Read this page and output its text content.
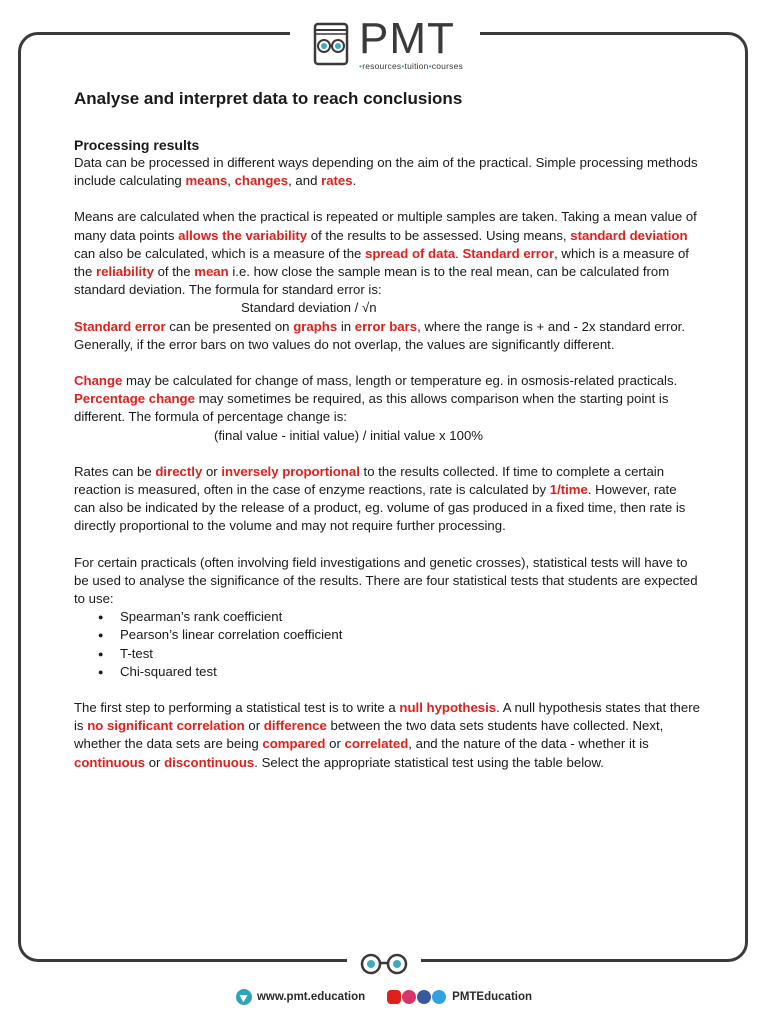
PMT
•resources•tuition•courses
Analyse and interpret data to reach conclusions
Processing results

Data can be processed in different ways depending on the aim of the practical. Simple processing methods include calculating means, changes, and rates.

Means are calculated when the practical is repeated or multiple samples are taken. Taking a mean value of many data points allows the variability of the results to be assessed. Using means, standard deviation can also be calculated, which is a measure of the spread of data. Standard error, which is a measure of the reliability of the mean i.e. how close the sample mean is to the real mean, can be calculated from standard deviation. The formula for standard error is:

Standard deviation / √n

Standard error can be presented on graphs in error bars, where the range is + and - 2x standard error. Generally, if the error bars on two values do not overlap, the values are significantly different.

Change may be calculated for change of mass, length or temperature eg. in osmosis-related practicals. Percentage change may sometimes be required, as this allows comparison when the starting point is different. The formula of percentage change is:

(final value - initial value) / initial value x 100%

Rates can be directly or inversely proportional to the results collected. If time to complete a certain reaction is measured, often in the case of enzyme reactions, rate is calculated by 1/time. However, rate can also be indicated by the release of a product, eg. volume of gas produced in a fixed time, then rate is directly proportional to the volume and may not require further processing.

For certain practicals (often involving field investigations and genetic crosses), statistical tests will have to be used to analyse the significance of the results. There are four statistical tests that students are expected to use:

● Spearman’s rank coefficient
● Pearson’s linear correlation coefficient
● T-test
● Chi-squared test

The first step to performing a statistical test is to write a null hypothesis. A null hypothesis states that there is no significant correlation or difference between the two data sets students have collected. Next, whether the data sets are being compared or correlated, and the nature of the data - whether it is continuous or discontinuous. Select the appropriate statistical test using the table below.

www.pmt.education	PMTEducation
